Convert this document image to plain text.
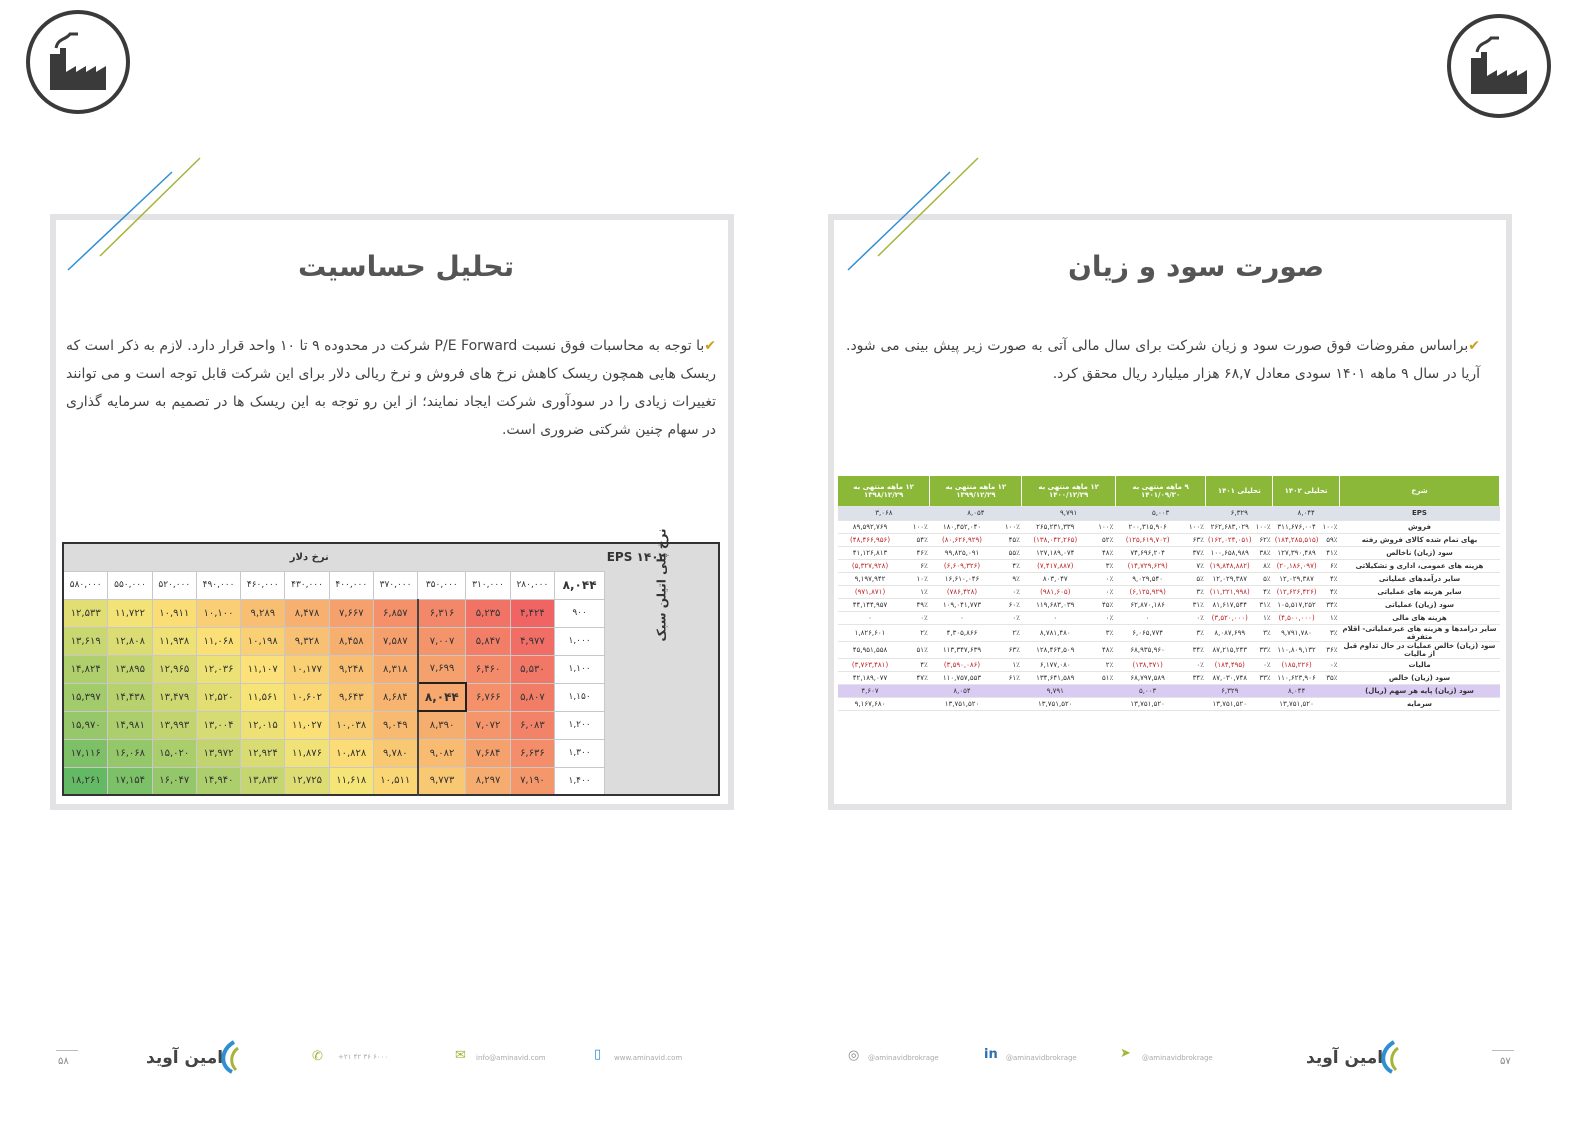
تحلیل حساسیت
✔با توجه به محاسبات فوق نسبت P/E Forward شرکت در محدوده ۹ تا ۱۰ واحد قرار دارد. لازم به ذکر است که ریسک هایی همچون ریسک کاهش نرخ های فروش و نرخ ریالی دلار برای این شرکت قابل توجه است و می توانند تغییرات زیادی را در سودآوری شرکت ایجاد نمایند؛ از این رو توجه به این ریسک ها در تصمیم به سرمایه گذاری در سهام چنین شرکتی ضروری است.
نرخ دلار											EPS ۱۴۰۲	
۵۸۰,۰۰۰	۵۵۰,۰۰۰	۵۲۰,۰۰۰	۴۹۰,۰۰۰	۴۶۰,۰۰۰	۴۳۰,۰۰۰	۴۰۰,۰۰۰	۳۷۰,۰۰۰	۳۵۰,۰۰۰	۳۱۰,۰۰۰	۲۸۰,۰۰۰	۸,۰۴۴	نرخ پلی اتیلن سبک

۱۲,۵۳۳	۱۱,۷۲۲	۱۰,۹۱۱	۱۰,۱۰۰	۹,۲۸۹	۸,۴۷۸	۷,۶۶۷	۶,۸۵۷	۶,۳۱۶	۵,۲۳۵	۴,۴۲۴	۹۰۰	
۱۳,۶۱۹	۱۲,۸۰۸	۱۱,۹۳۸	۱۱,۰۶۸	۱۰,۱۹۸	۹,۳۲۸	۸,۴۵۸	۷,۵۸۷	۷,۰۰۷	۵,۸۴۷	۴,۹۷۷	۱,۰۰۰	
۱۴,۸۲۴	۱۳,۸۹۵	۱۲,۹۶۵	۱۲,۰۳۶	۱۱,۱۰۷	۱۰,۱۷۷	۹,۲۴۸	۸,۳۱۸	۷,۶۹۹	۶,۴۶۰	۵,۵۳۰	۱,۱۰۰	
۱۵,۳۹۷	۱۴,۴۳۸	۱۳,۴۷۹	۱۲,۵۲۰	۱۱,۵۶۱	۱۰,۶۰۲	۹,۶۴۳	۸,۶۸۴	۸,۰۴۴	۶,۷۶۶	۵,۸۰۷	۱,۱۵۰	
۱۵,۹۷۰	۱۴,۹۸۱	۱۳,۹۹۳	۱۳,۰۰۴	۱۲,۰۱۵	۱۱,۰۲۷	۱۰,۰۳۸	۹,۰۴۹	۸,۳۹۰	۷,۰۷۲	۶,۰۸۳	۱,۲۰۰	
۱۷,۱۱۶	۱۶,۰۶۸	۱۵,۰۲۰	۱۳,۹۷۲	۱۲,۹۲۴	۱۱,۸۷۶	۱۰,۸۲۸	۹,۷۸۰	۹,۰۸۲	۷,۶۸۴	۶,۶۳۶	۱,۳۰۰	
۱۸,۲۶۱	۱۷,۱۵۴	۱۶,۰۴۷	۱۴,۹۴۰	۱۳,۸۳۳	۱۲,۷۲۵	۱۱,۶۱۸	۱۰,۵۱۱	۹,۷۷۳	۸,۲۹۷	۷,۱۹۰	۱,۴۰۰	
صورت سود و زیان
✔براساس مفروضات فوق صورت سود و زیان شرکت برای سال مالی آتی به صورت زیر پیش بینی می شود. آریا در سال ۹ ماهه ۱۴۰۱ سودی معادل ۶۸,۷ هزار میلیارد ریال محقق کرد.
شرح	تحلیلی ۱۴۰۲		تحلیلی ۱۴۰۱		۹ ماهه منتهی به ۱۴۰۱/۰۹/۳۰		۱۲ ماهه منتهی به ۱۴۰۰/۱۲/۲۹		۱۲ ماهه منتهی به ۱۳۹۹/۱۲/۲۹		۱۲ ماهه منتهی به ۱۳۹۸/۱۲/۲۹	
EPS	۸,۰۴۴		۶,۳۲۹		۵,۰۰۳		۹,۷۹۱		۸,۰۵۴		۳,۰۶۸	
فروش	۱۰۰٪	۳۱۱,۶۷۶,۰۰۴	۱۰۰٪	۲۶۲,۶۸۳,۰۲۹	۱۰۰٪	۲۰۰,۳۱۵,۹۰۶	۱۰۰٪	۲۶۵,۲۳۱,۳۳۹	۱۰۰٪	۱۸۰,۴۵۲,۰۴۰	۱۰۰٪	۸۹,۵۹۲,۷۶۹
بهای تمام شده کالای فروش رفته	۵۹٪	(۱۸۴,۲۸۵,۵۱۵)	۶۲٪	(۱۶۲,۰۲۴,۰۵۱)	۶۳٪	(۱۲۵,۶۱۹,۷۰۲)	۵۲٪	(۱۳۸,۰۴۲,۲۶۵)	۴۵٪	(۸۰,۶۲۶,۹۲۹)	۵۴٪	(۴۸,۴۶۶,۹۵۶)
سود (زیان) ناخالص	۴۱٪	۱۲۷,۳۹۰,۴۸۹	۳۸٪	۱۰۰,۶۵۸,۹۸۹	۳۷٪	۷۴,۶۹۶,۲۰۴	۴۸٪	۱۲۷,۱۸۹,۰۷۴	۵۵٪	۹۹,۸۲۵,۰۹۱	۴۶٪	۴۱,۱۲۶,۸۱۳
هزینه های عمومی، اداری و تشکیلاتی	۶٪	(۲۰,۱۸۶,۰۹۷)	۸٪	(۱۹,۸۴۸,۸۸۲)	۷٪	(۱۴,۷۲۹,۶۲۹)	۳٪	(۷,۴۱۷,۸۸۷)	۴٪	(۶,۶۰۹,۳۲۶)	۶٪	(۵,۳۲۷,۹۲۸)
سایر درآمدهای عملیاتی	۴٪	۱۲,۰۲۹,۳۸۷	۵٪	۱۲,۰۲۹,۳۸۷	۵٪	۹,۰۲۹,۵۴۰	۰٪	۸۰۳,۰۴۷	۹٪	۱۶,۶۱۰,۰۴۶	۱۰٪	۹,۱۹۷,۹۴۲
سایر هزینه های عملیاتی	۴٪	(۱۲,۶۲۶,۴۲۶)	۴٪	(۱۱,۲۲۱,۹۹۸)	۳٪	(۶,۱۲۵,۹۲۹)	۰٪	(۹۸۱,۶۰۵)	۰٪	(۷۸۶,۴۲۸)	۱٪	(۹۷۱,۸۷۱)
سود (زیان) عملیاتی	۳۴٪	۱۰۵,۵۱۷,۲۵۲	۳۱٪	۸۱,۶۱۷,۵۴۴	۳۱٪	۶۲,۸۷۰,۱۸۶	۴۵٪	۱۱۹,۶۸۳,۰۳۹	۶۰٪	۱۰۹,۰۴۱,۷۷۳	۴۹٪	۴۴,۱۴۴,۹۵۷
هزینه های مالی	۱٪	(۴,۵۰۰,۰۰۰)	۱٪	(۳,۵۲۰,۰۰۰)	۰٪	۰	۰٪	۰	۰٪	۰	۰٪	۰
سایر درامدها و هزینه های غیرعملیاتی- اقلام متفرقه	۳٪	۹,۷۹۱,۷۸۰	۳٪	۸,۰۸۷,۶۹۹	۳٪	۶,۰۶۵,۷۷۴	۳٪	۸,۷۸۱,۴۸۰	۲٪	۴,۳۰۵,۸۶۶	۲٪	۱,۸۲۶,۶۰۱
سود (زیان) خالص عملیات در حال تداوم قبل از مالیات	۳۶٪	۱۱۰,۸۰۹,۱۳۲	۳۳٪	۸۷,۲۱۵,۲۴۳	۳۴٪	۶۸,۹۳۵,۹۶۰	۴۸٪	۱۲۸,۴۶۴,۵۰۹	۶۳٪	۱۱۳,۳۴۷,۶۳۹	۵۱٪	۴۵,۹۵۱,۵۵۸
مالیات	۰٪	(۱۸۵,۲۲۶)	۰٪	(۱۸۴,۴۹۵)	۰٪	(۱۳۸,۳۷۱)	۲٪	۶,۱۷۷,۰۸۰	۱٪	(۳,۵۹۰,۰۸۶)	۴٪	(۳,۷۶۳,۴۸۱)
سود (زیان) خالص	۳۵٪	۱۱۰,۶۲۳,۹۰۶	۳۳٪	۸۷,۰۳۰,۷۴۸	۳۴٪	۶۸,۷۹۷,۵۸۹	۵۱٪	۱۳۴,۶۴۱,۵۸۹	۶۱٪	۱۱۰,۷۵۷,۵۵۳	۴۷٪	۴۲,۱۸۹,۰۷۷
سود (زیان) پایه هر سهم (ریال)		۸,۰۴۴		۶,۳۲۹		۵,۰۰۳		۹,۷۹۱		۸,۰۵۴		۴,۶۰۷
سرمایه		۱۳,۷۵۱,۵۲۰		۱۳,۷۵۱,۵۲۰		۱۳,۷۵۱,۵۲۰		۱۳,۷۵۱,۵۲۰		۱۳,۷۵۱,۵۲۰		۹,۱۶۷,۶۸۰
۵۸	امین آوید	✆ +۲۱ ۴۲ ۳۶ ۶۰۰۰	✉ info@aminavid.com	▯ www.aminavid.com	◎ @aminavidbrokrage	in @aminavidbrokrage	➤ @aminavidbrokrage	امین آوید	۵۷
